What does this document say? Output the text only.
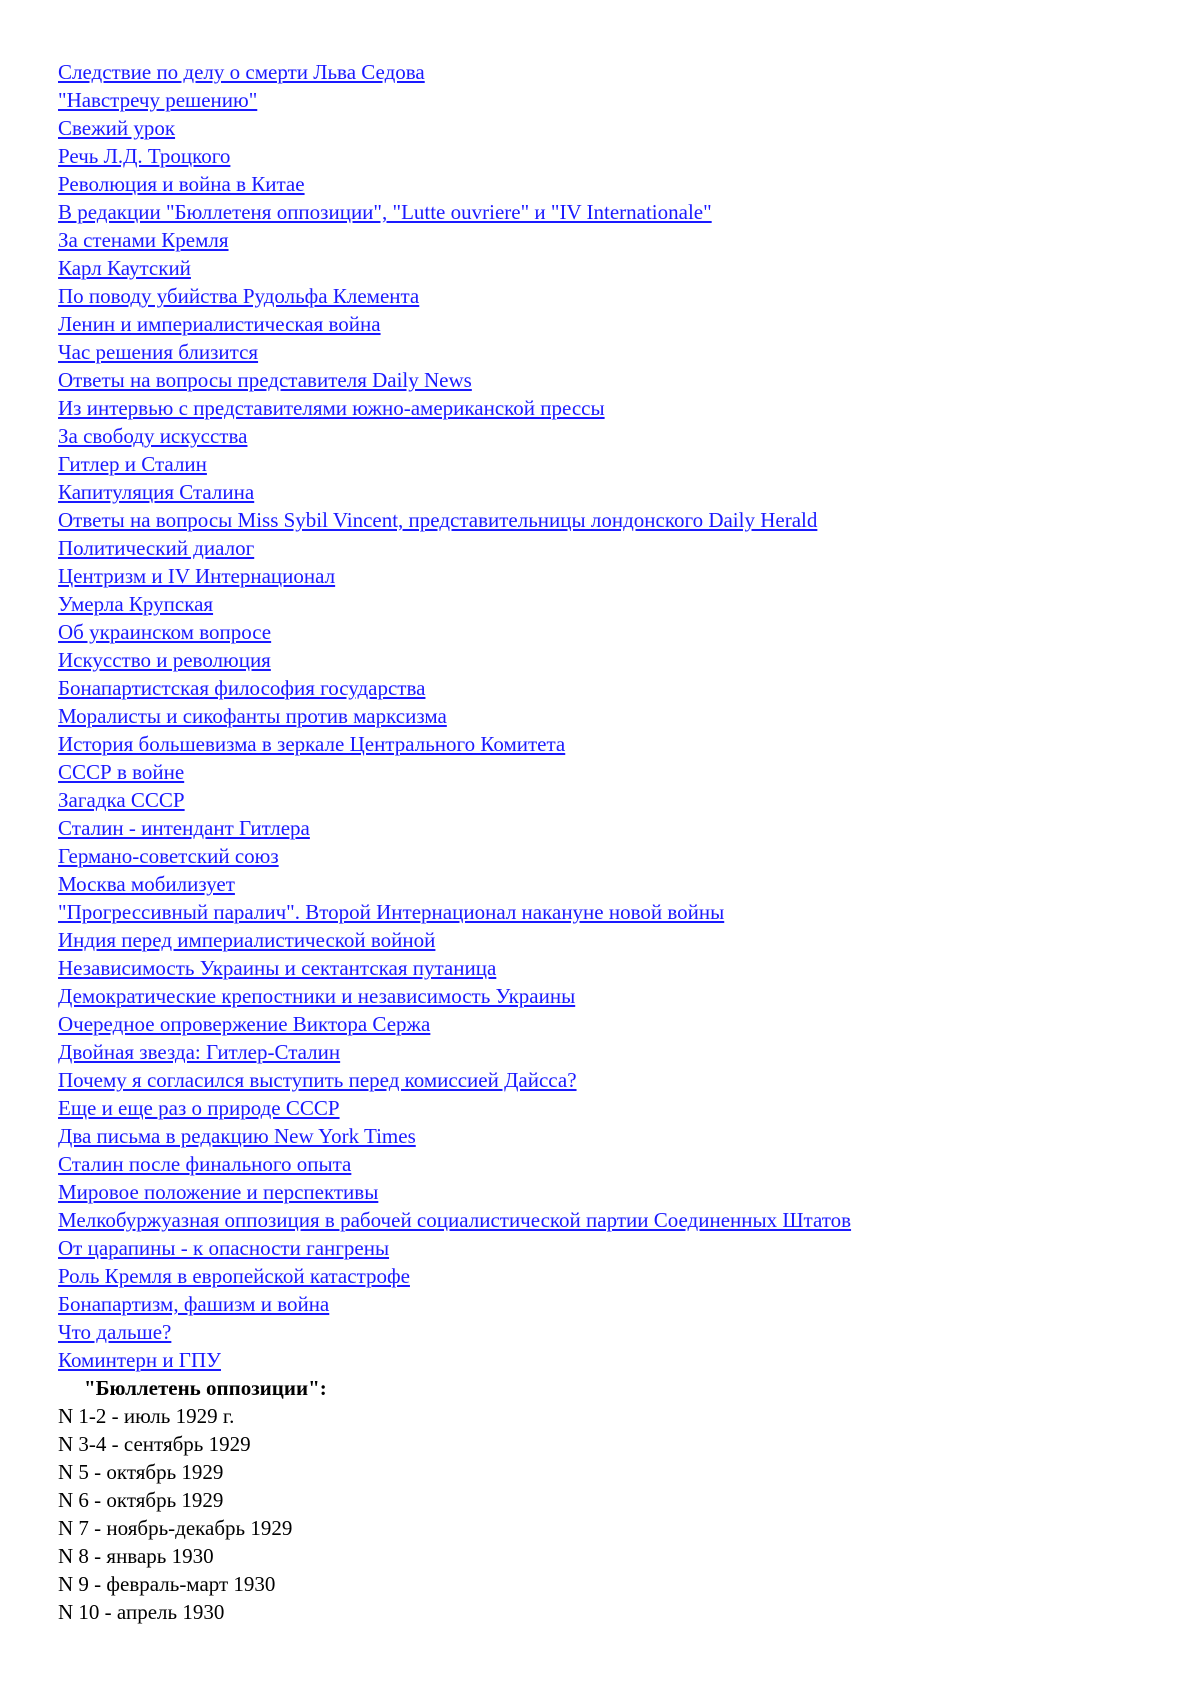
Следствие по делу о смерти Льва Седова
"Навстречу решению"
Свежий урок
Речь Л.Д. Троцкого
Революция и война в Китае
В редакции "Бюллетеня оппозиции", "Lutte ouvriere" и "IV Internationale"
За стенами Кремля
Карл Каутский
По поводу убийства Рудольфа Клемента
Ленин и империалистическая война
Час решения близится
Ответы на вопросы представителя Daily News
Из интервью с представителями южно-американской прессы
За свободу искусства
Гитлер и Сталин
Капитуляция Сталина
Ответы на вопросы Miss Sybil Vincent, представительницы лондонского Daily Herald
Политический диалог
Центризм и IV Интернационал
Умерла Крупская
Об украинском вопросе
Искусство и революция
Бонапартистская философия государства
Моралисты и сикофанты против марксизма
История большевизма в зеркале Центрального Комитета
СССР в войне
Загадка СССР
Сталин - интендант Гитлера
Германо-советский союз
Москва мобилизует
"Прогрессивный паралич". Второй Интернационал накануне новой войны
Индия перед империалистической войной
Независимость Украины и сектантская путаница
Демократические крепостники и независимость Украины
Очередное опровержение Виктора Сержа
Двойная звезда: Гитлер-Сталин
Почему я согласился выступить перед комиссией Дайсса?
Еще и еще раз о природе СССР
Два письма в редакцию New York Times
Сталин после финального опыта
Мировое положение и перспективы
Мелкобуржуазная оппозиция в рабочей социалистической партии Соединенных Штатов
От царапины - к опасности гангрены
Роль Кремля в европейской катастрофе
Бонапартизм, фашизм и война
Что дальше?
Коминтерн и ГПУ
"Бюллетень оппозиции":
N 1-2 - июль 1929 г.
N 3-4 - сентябрь 1929
N 5 - октябрь 1929
N 6 - октябрь 1929
N 7 - ноябрь-декабрь 1929
N 8 - январь 1930
N 9 - февраль-март 1930
N 10 - апрель 1930
